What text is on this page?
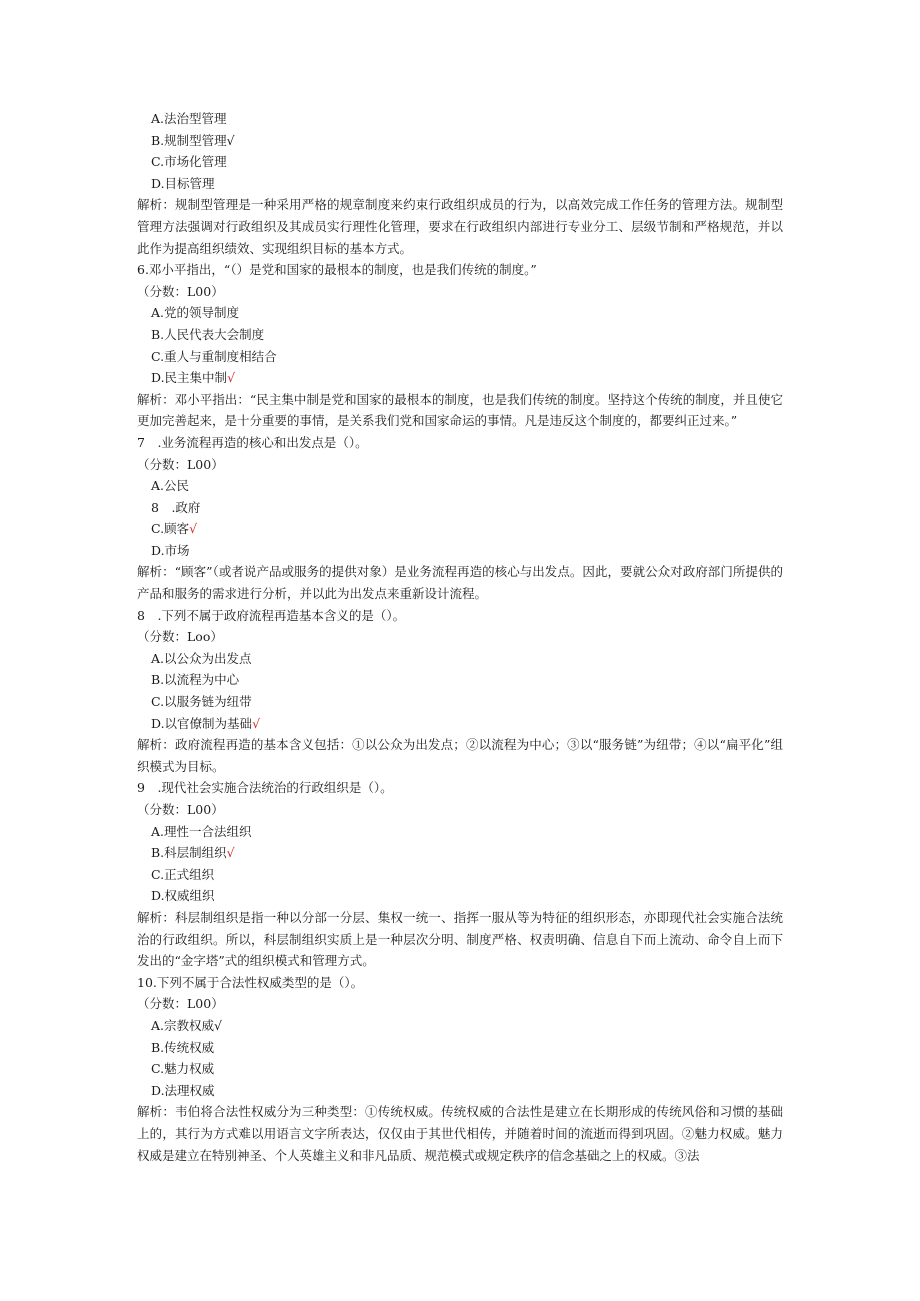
A.法治型管理
B.规制型管理√
C.市场化管理
D.目标管理
解析：规制型管理是一种采用严格的规章制度来约束行政组织成员的行为，以高效完成工作任务的管理方法。规制型管理方法强调对行政组织及其成员实行理性化管理，要求在行政组织内部进行专业分工、层级节制和严格规范，并以此作为提高组织绩效、实现组织目标的基本方式。
6.邓小平指出，“（）是党和国家的最根本的制度，也是我们传统的制度。”
（分数：L00）
A.党的领导制度
B.人民代表大会制度
C.重人与重制度相结合
D.民主集中制√
解析：邓小平指出：“民主集中制是党和国家的最根本的制度，也是我们传统的制度。坚持这个传统的制度，并且使它更加完善起来，是十分重要的事情，是关系我们党和国家命运的事情。凡是违反这个制度的，都要纠正过来。”
7　.业务流程再造的核心和出发点是（）。
（分数：L00）
A.公民
8　.政府
C.顾客√
D.市场
解析：“顾客”（或者说产品或服务的提供对象）是业务流程再造的核心与出发点。因此，要就公众对政府部门所提供的产品和服务的需求进行分析，并以此为出发点来重新设计流程。
8　.下列不属于政府流程再造基本含义的是（）。
（分数：Loo）
A.以公众为出发点
B.以流程为中心
C.以服务链为纽带
D.以官僚制为基础√
解析：政府流程再造的基本含义包括：①以公众为出发点；②以流程为中心；③以“服务链”为纽带；④以“扁平化”组织模式为目标。
9　.现代社会实施合法统治的行政组织是（）。
（分数：L00）
A.理性一合法组织
B.科层制组织√
C.正式组织
D.权威组织
解析：科层制组织是指一种以分部一分层、集权一统一、指挥一服从等为特征的组织形态，亦即现代社会实施合法统治的行政组织。所以，科层制组织实质上是一种层次分明、制度严格、权责明确、信息自下而上流动、命令自上而下发出的“金字塔”式的组织模式和管理方式。
10.下列不属于合法性权威类型的是（）。
（分数：L00）
A.宗教权威√
B.传统权威
C.魅力权威
D.法理权威
解析：韦伯将合法性权威分为三种类型：①传统权威。传统权威的合法性是建立在长期形成的传统风俗和习惯的基础上的，其行为方式难以用语言文字所表达，仅仅由于其世代相传，并随着时间的流逝而得到巩固。②魅力权威。魅力权威是建立在特别神圣、个人英雄主义和非凡品质、规范模式或规定秩序的信念基础之上的权威。③法
